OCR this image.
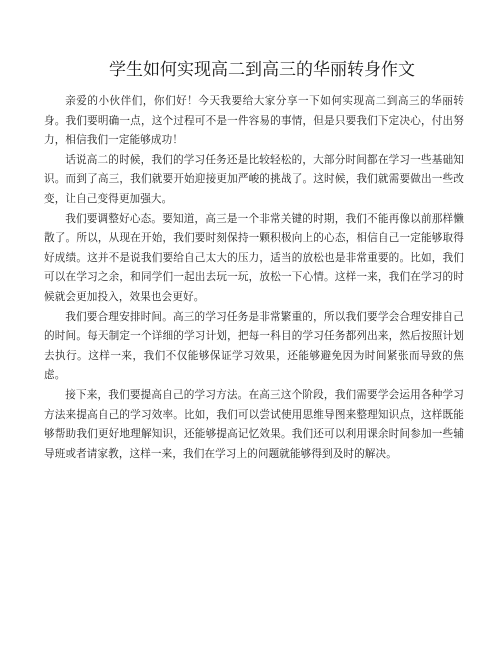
学生如何实现高二到高三的华丽转身作文

亲爱的小伙伴们，你们好！今天我要给大家分享一下如何实现高二到高三的华丽转身。我们要明确一点，这个过程可不是一件容易的事情，但是只要我们下定决心，付出努力，相信我们一定能够成功！

话说高二的时候，我们的学习任务还是比较轻松的，大部分时间都在学习一些基础知识。而到了高三，我们就要开始迎接更加严峻的挑战了。这时候，我们就需要做出一些改变，让自己变得更加强大。

我们要调整好心态。要知道，高三是一个非常关键的时期，我们不能再像以前那样懒散了。所以，从现在开始，我们要时刻保持一颗积极向上的心态，相信自己一定能够取得好成绩。这并不是说我们要给自己太大的压力，适当的放松也是非常重要的。比如，我们可以在学习之余，和同学们一起出去玩一玩，放松一下心情。这样一来，我们在学习的时候就会更加投入，效果也会更好。

我们要合理安排时间。高三的学习任务是非常繁重的，所以我们要学会合理安排自己的时间。每天制定一个详细的学习计划，把每一科目的学习任务都列出来，然后按照计划去执行。这样一来，我们不仅能够保证学习效果，还能够避免因为时间紧张而导致的焦虑。

接下来，我们要提高自己的学习方法。在高三这个阶段，我们需要学会运用各种学习方法来提高自己的学习效率。比如，我们可以尝试使用思维导图来整理知识点，这样既能够帮助我们更好地理解知识，还能够提高记忆效果。我们还可以利用课余时间参加一些辅导班或者请家教，这样一来，我们在学习上的问题就能够得到及时的解决。
